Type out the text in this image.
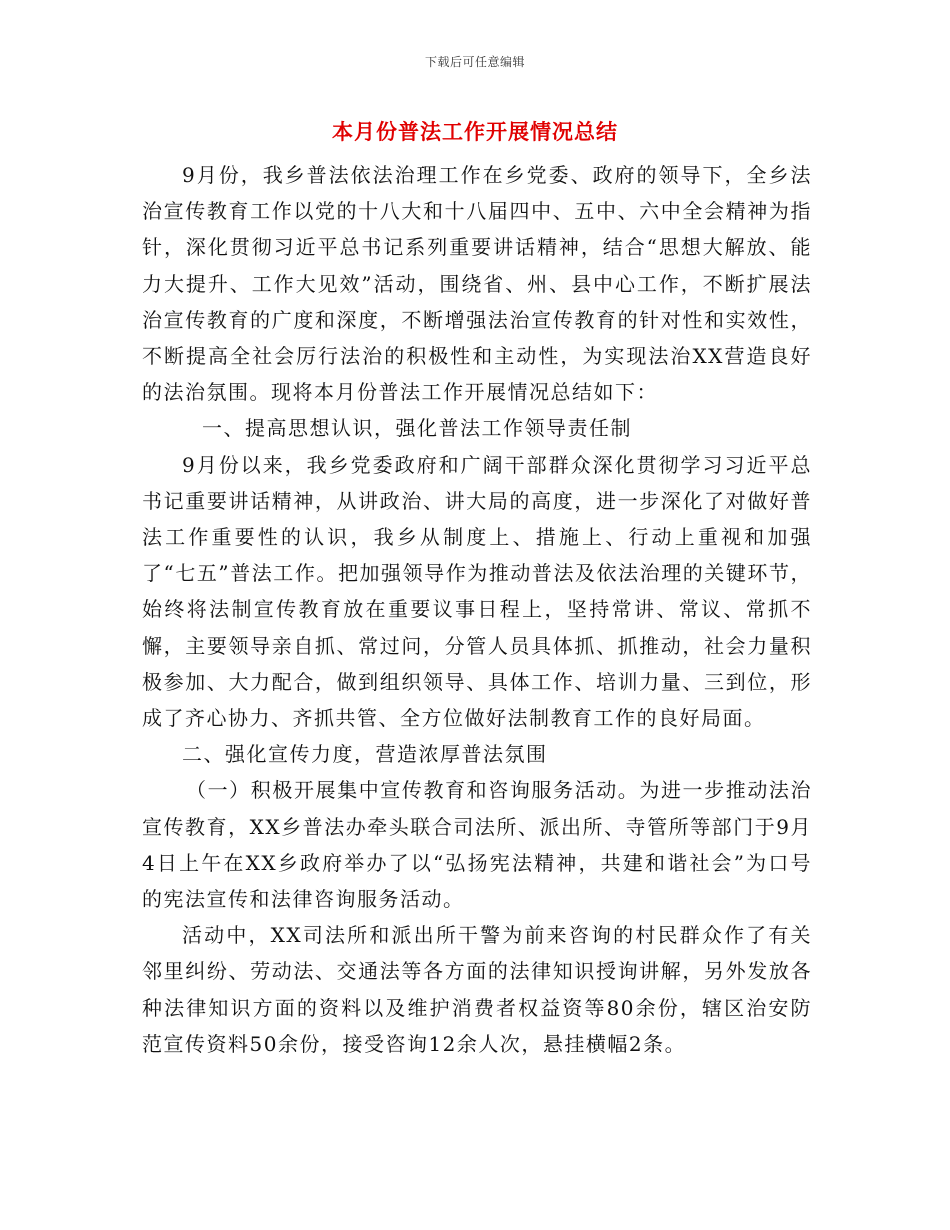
下载后可任意编辑
本月份普法工作开展情况总结

9月份，我乡普法依法治理工作在乡党委、政府的领导下，全乡法治宣传教育工作以党的十八大和十八届四中、五中、六中全会精神为指针，深化贯彻习近平总书记系列重要讲话精神，结合“思想大解放、能力大提升、工作大见效”活动，围绕省、州、县中心工作，不断扩展法治宣传教育的广度和深度，不断增强法治宣传教育的针对性和实效性，不断提高全社会厉行法治的积极性和主动性，为实现法治XX营造良好的法治氛围。现将本月份普法工作开展情况总结如下：

一、提高思想认识，强化普法工作领导责任制

9月份以来，我乡党委政府和广阔干部群众深化贯彻学习习近平总书记重要讲话精神，从讲政治、讲大局的高度，进一步深化了对做好普法工作重要性的认识，我乡从制度上、措施上、行动上重视和加强了“七五”普法工作。把加强领导作为推动普法及依法治理的关键环节，始终将法制宣传教育放在重要议事日程上，坚持常讲、常议、常抓不懈，主要领导亲自抓、常过问，分管人员具体抓、抓推动，社会力量积极参加、大力配合，做到组织领导、具体工作、培训力量、三到位，形成了齐心协力、齐抓共管、全方位做好法制教育工作的良好局面。

二、强化宣传力度，营造浓厚普法氛围

（一）积极开展集中宣传教育和咨询服务活动。为进一步推动法治宣传教育，XX乡普法办牵头联合司法所、派出所、寺管所等部门于9月4日上午在XX乡政府举办了以“弘扬宪法精神，共建和谐社会”为口号的宪法宣传和法律咨询服务活动。

活动中，XX司法所和派出所干警为前来咨询的村民群众作了有关邻里纠纷、劳动法、交通法等各方面的法律知识授询讲解，另外发放各种法律知识方面的资料以及维护消费者权益资等80余份，辖区治安防范宣传资料50余份，接受咨询12余人次，悬挂横幅2条。
